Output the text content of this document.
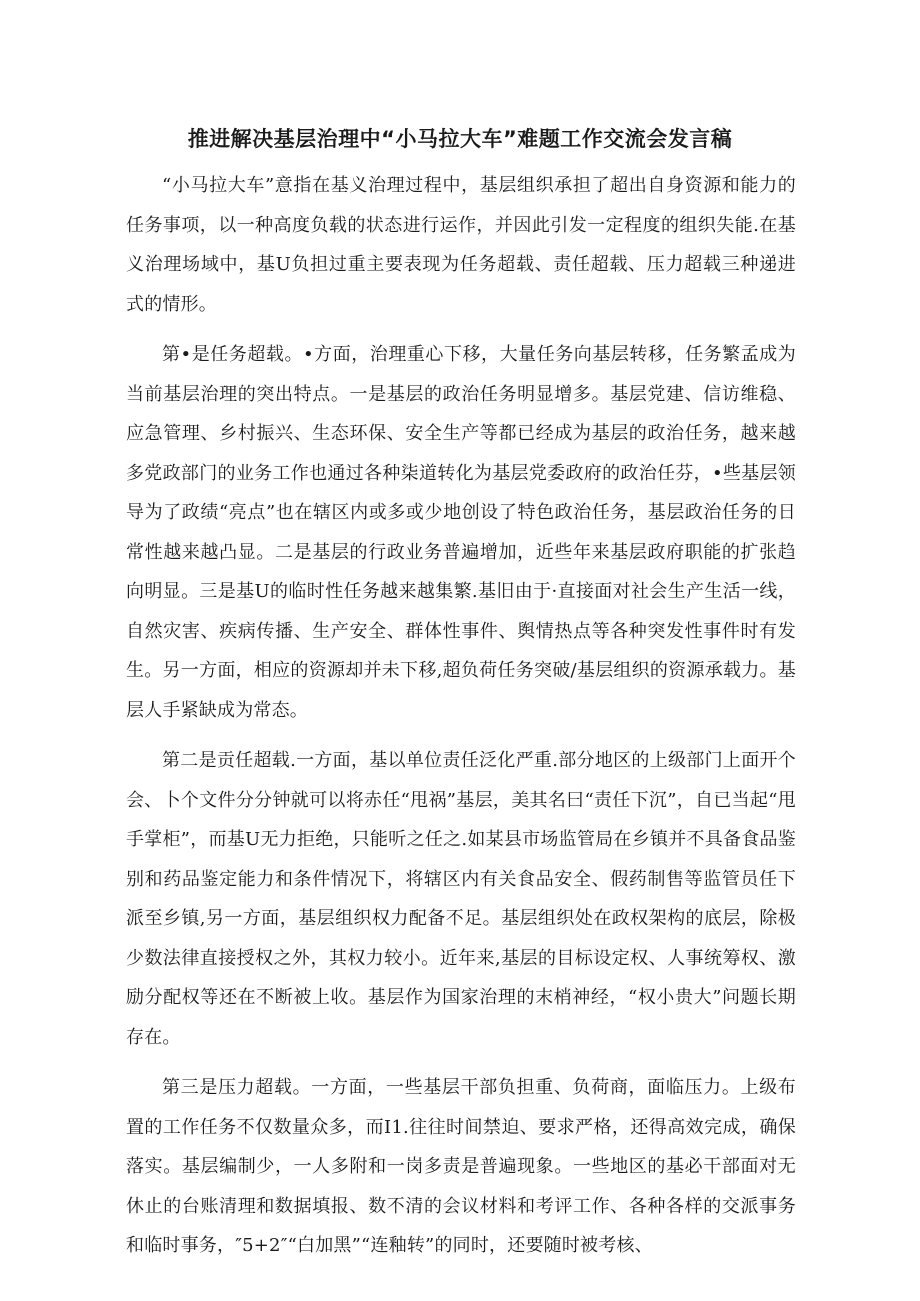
推进解决基层治理中“小马拉大车”难题工作交流会发言稿

“小马拉大车”意指在基义治理过程中，基层组织承担了超出自身资源和能力的任务事项，以一种高度负载的状态进行运作，并因此引发一定程度的组织失能.在基义治理场域中，基U负担过重主要表现为任务超载、责任超载、压力超载三种递进式的情形。

第•是任务超载。•方面，治理重心下移，大量任务向基层转移，任务繁孟成为当前基层治理的突出特点。一是基层的政治任务明显增多。基层党建、信访维稳、应急管理、乡村振兴、生态环保、安全生产等都已经成为基层的政治任务，越来越多党政部门的业务工作也通过各种柒道转化为基层党委政府的政治任芬，•些基层领导为了政绩“亮点”也在辖区内或多或少地创设了特色政治任务，基层政治任务的日常性越来越凸显。二是基层的行政业务普遍增加，近些年来基层政府职能的扩张趋向明显。三是基U的临时性任务越来越集繁.基旧由于·直接面对社会生产生活一线，自然灾害、疾病传播、生产安全、群体性事件、舆情热点等各种突发性事件时有发生。另一方面，相应的资源却并未下移,超负荷任务突破/基层组织的资源承载力。基层人手紧缺成为常态。

第二是贡任超载.一方面，基以单位责任泛化严重.部分地区的上级部门上面开个会、卜个文件分分钟就可以将赤任“甩祸”基层，美其名曰“责任下沉”，自已当起“甩手掌柜”，而基U无力拒绝，只能听之任之.如某县市场监管局在乡镇并不具备食品鉴别和药品鉴定能力和条件情况下，将辖区内有关食品安全、假药制售等监管员任下派至乡镇,另一方面，基层组织权力配备不足。基层组织处在政权架构的底层，除极少数法律直接授权之外，其权力较小。近年来,基层的目标设定权、人事统筹权、激励分配权等还在不断被上收。基层作为国家治理的末梢神经，“权小贵大”问题长期存在。

第三是压力超载。一方面，一些基层干部负担重、负荷商，面临压力。上级布置的工作任务不仅数量众多，而I1.往往时间禁迫、要求严格，还得高效完成，确保落实。基层编制少，一人多附和一岗多责是普遍现象。一些地区的基必干部面对无休止的台账清理和数据填报、数不清的会议材料和考评工作、各种各样的交派事务和临时事务，″5+2″“白加黑”“连釉转”的同时，还要随时被考核、
